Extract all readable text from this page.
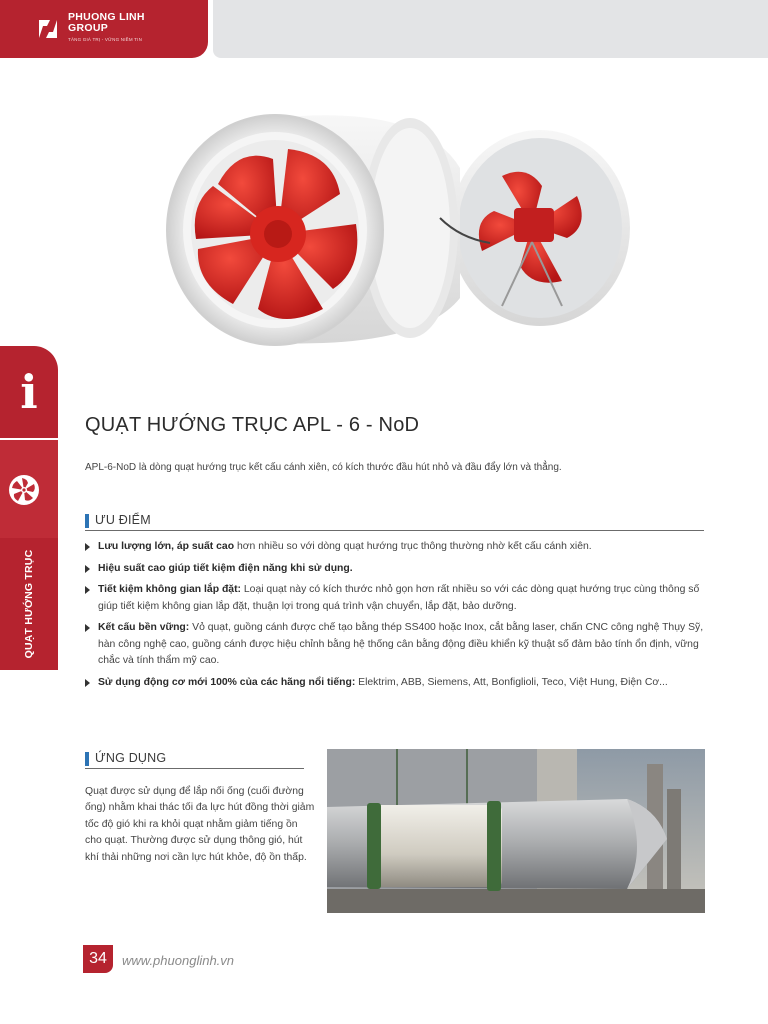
PHUONG LINH
GROUP
TĂNG GIÁ TRỊ - VỮNG NIỀM TIN
i
QUẠT HƯỚNG TRỤC
QUẠT HƯỚNG TRỤC APL - 6 - NoD
APL-6-NoD là dòng quạt hướng trục kết cấu cánh xiên, có kích thước đầu hút nhỏ và đầu đẩy lớn và thẳng.
ƯU ĐIỂM
Lưu lượng lớn, áp suất cao hơn nhiều so với dòng quạt hướng trục thông thường nhờ kết cấu cánh xiên.
Hiệu suất cao giúp tiết kiệm điện năng khi sử dụng.
Tiết kiệm không gian lắp đặt: Loại quạt này có kích thước nhỏ gọn hơn rất nhiều so với các dòng quạt hướng trục cùng thông số giúp tiết kiệm không gian lắp đặt, thuận lợi trong quá trình vận chuyển, lắp đặt, bảo dưỡng.
Kết cấu bền vững: Vỏ quạt, guồng cánh được chế tạo bằng thép SS400 hoặc Inox, cắt bằng laser, chấn CNC công nghệ Thụy Sỹ, hàn công nghệ cao, guồng cánh được hiệu chỉnh bằng hệ thống cân bằng động điều khiển kỹ thuật số đảm bảo tính ổn định, vững chắc và tính thẩm mỹ cao.
Sử dụng động cơ mới 100% của các hãng nổi tiếng: Elektrim, ABB, Siemens, Att, Bonfiglioli, Teco, Việt Hung, Điện Cơ...
ỨNG DỤNG
Quạt được sử dụng để lắp nối ống (cuối đường ống) nhằm khai thác tối đa lực hút đồng thời giảm tốc độ gió khi ra khỏi quạt nhằm giảm tiếng ồn cho quạt. Thường được sử dụng thông gió, hút khí thải những nơi cần lực hút khỏe, độ ồn thấp.
34	www.phuonglinh.vn
